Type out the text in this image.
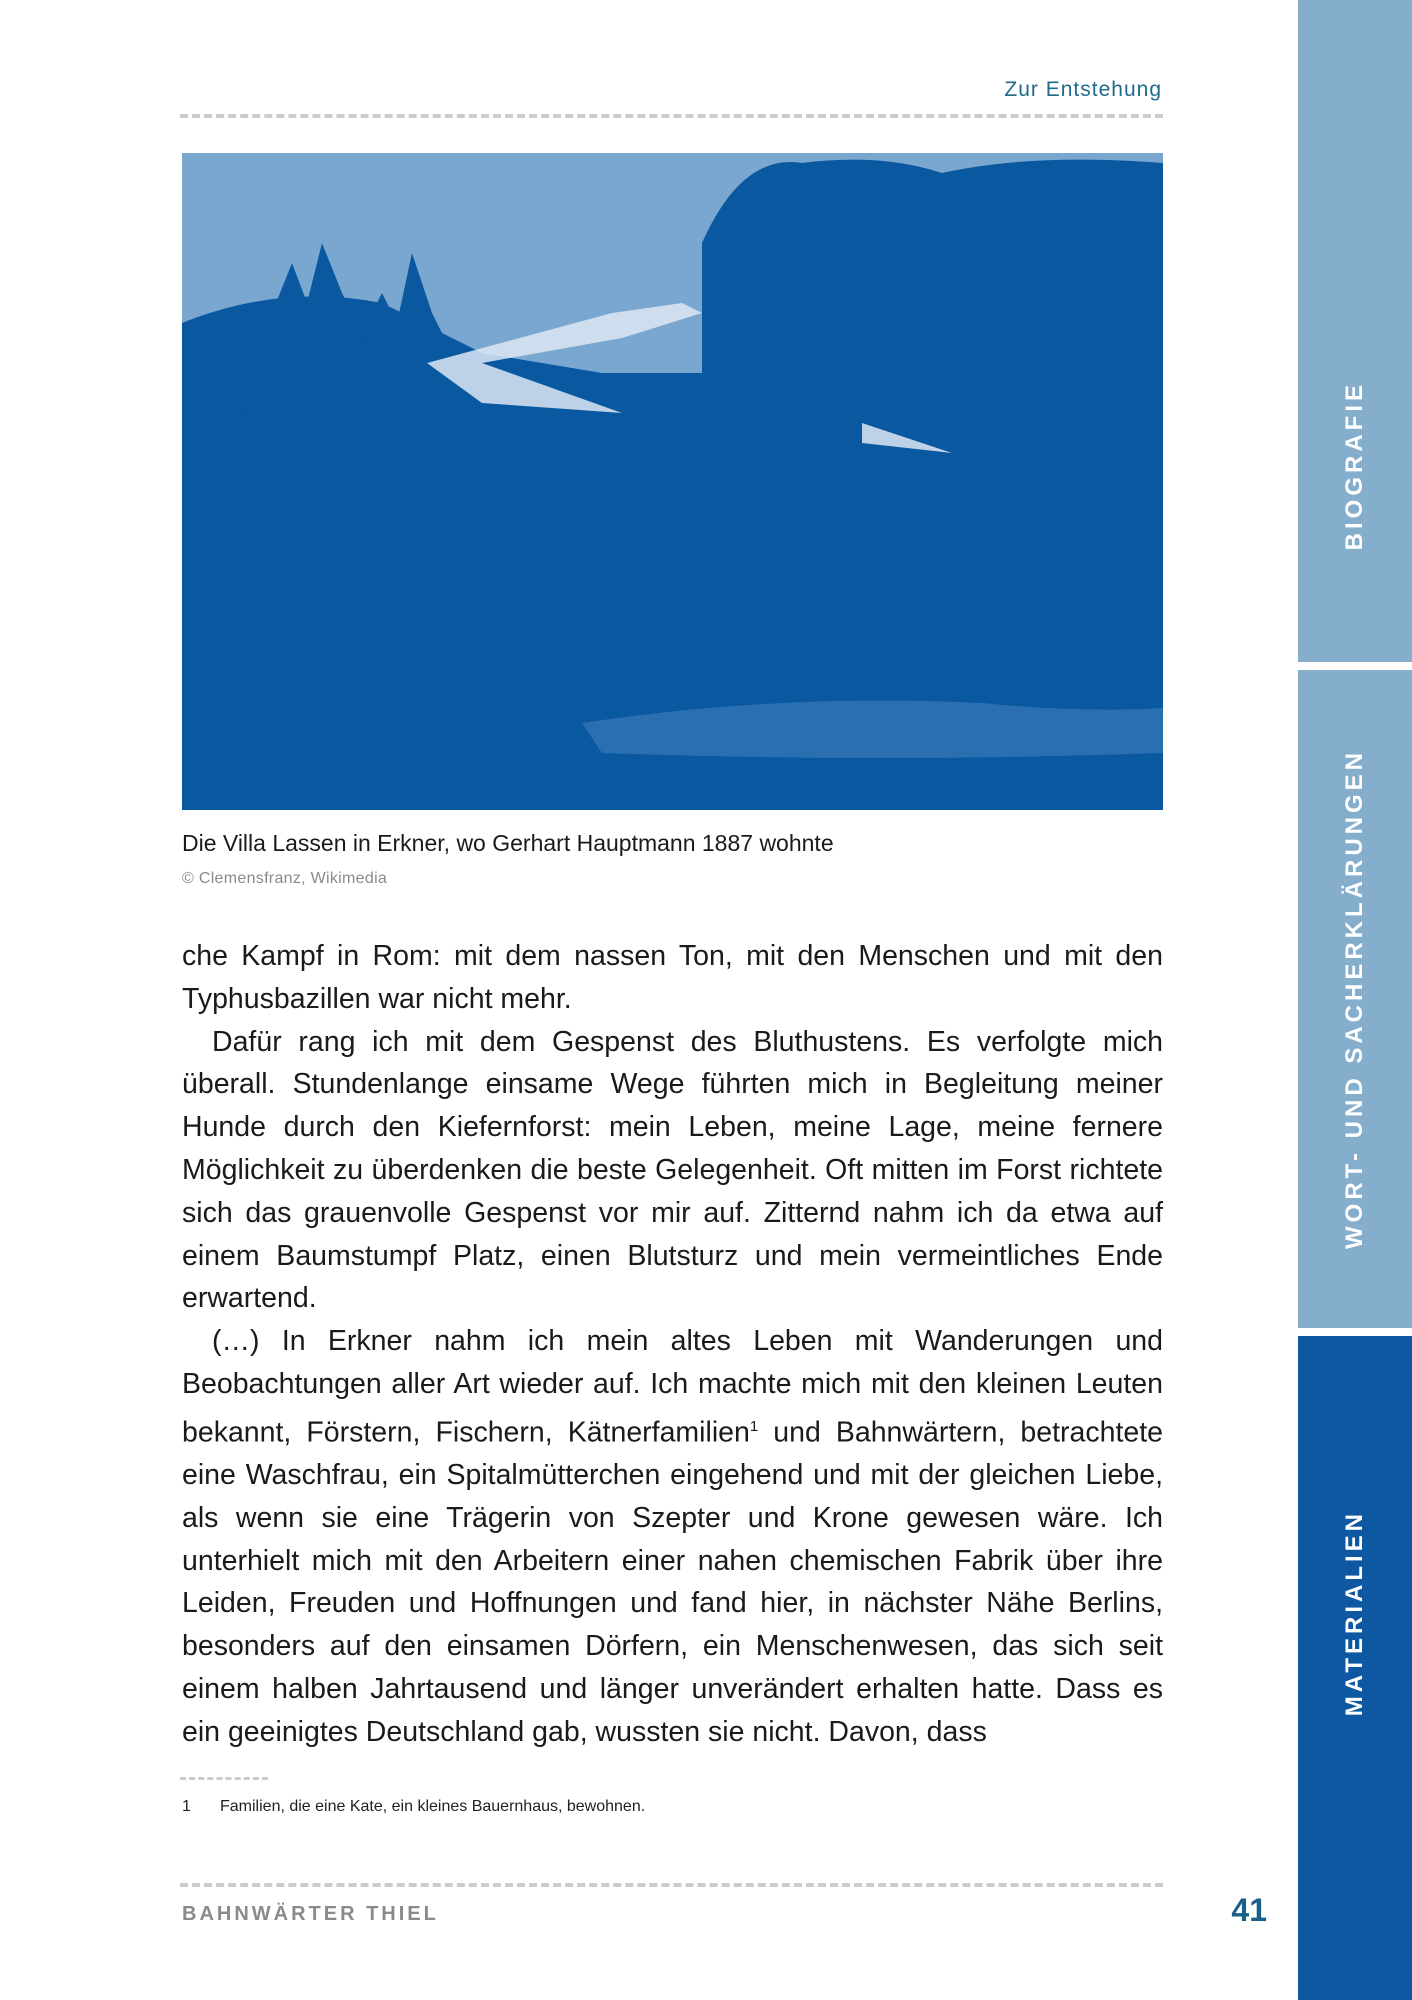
Zur Entstehung
Die Villa Lassen in Erkner, wo Gerhart Hauptmann 1887 wohnte
© Clemensfranz, Wikimedia

che Kampf in Rom: mit dem nassen Ton, mit den Menschen und mit den Typhusbazillen war nicht mehr.

Dafür rang ich mit dem Gespenst des Bluthustens. Es verfolgte mich überall. Stundenlange einsame Wege führten mich in Begleitung meiner Hunde durch den Kiefernforst: mein Leben, meine Lage, meine fernere Möglichkeit zu überdenken die beste Gelegenheit. Oft mitten im Forst richtete sich das grauenvolle Gespenst vor mir auf. Zitternd nahm ich da etwa auf einem Baumstumpf Platz, einen Blutsturz und mein vermeintliches Ende erwartend.

(…) In Erkner nahm ich mein altes Leben mit Wanderungen und Beobachtungen aller Art wieder auf. Ich machte mich mit den kleinen Leuten bekannt, Förstern, Fischern, Kätnerfamilien$^1$ und Bahnwärtern, betrachtete eine Waschfrau, ein Spitalmütterchen eingehend und mit der gleichen Liebe, als wenn sie eine Trägerin von Szepter und Krone gewesen wäre. Ich unterhielt mich mit den Arbeitern einer nahen chemischen Fabrik über ihre Leiden, Freuden und Hoffnungen und fand hier, in nächster Nähe Berlins, besonders auf den einsamen Dörfern, ein Menschenwesen, das sich seit einem halben Jahrtausend und länger unverändert erhalten hatte. Dass es ein geeinigtes Deutschland gab, wussten sie nicht. Davon, dass

1 Familien, die eine Kate, ein kleines Bauernhaus, bewohnen.
BAHNWÄRTER THIEL	41
BIOGRAFIE
WORT- UND SACHERKLÄRUNGEN
MATERIALIEN
